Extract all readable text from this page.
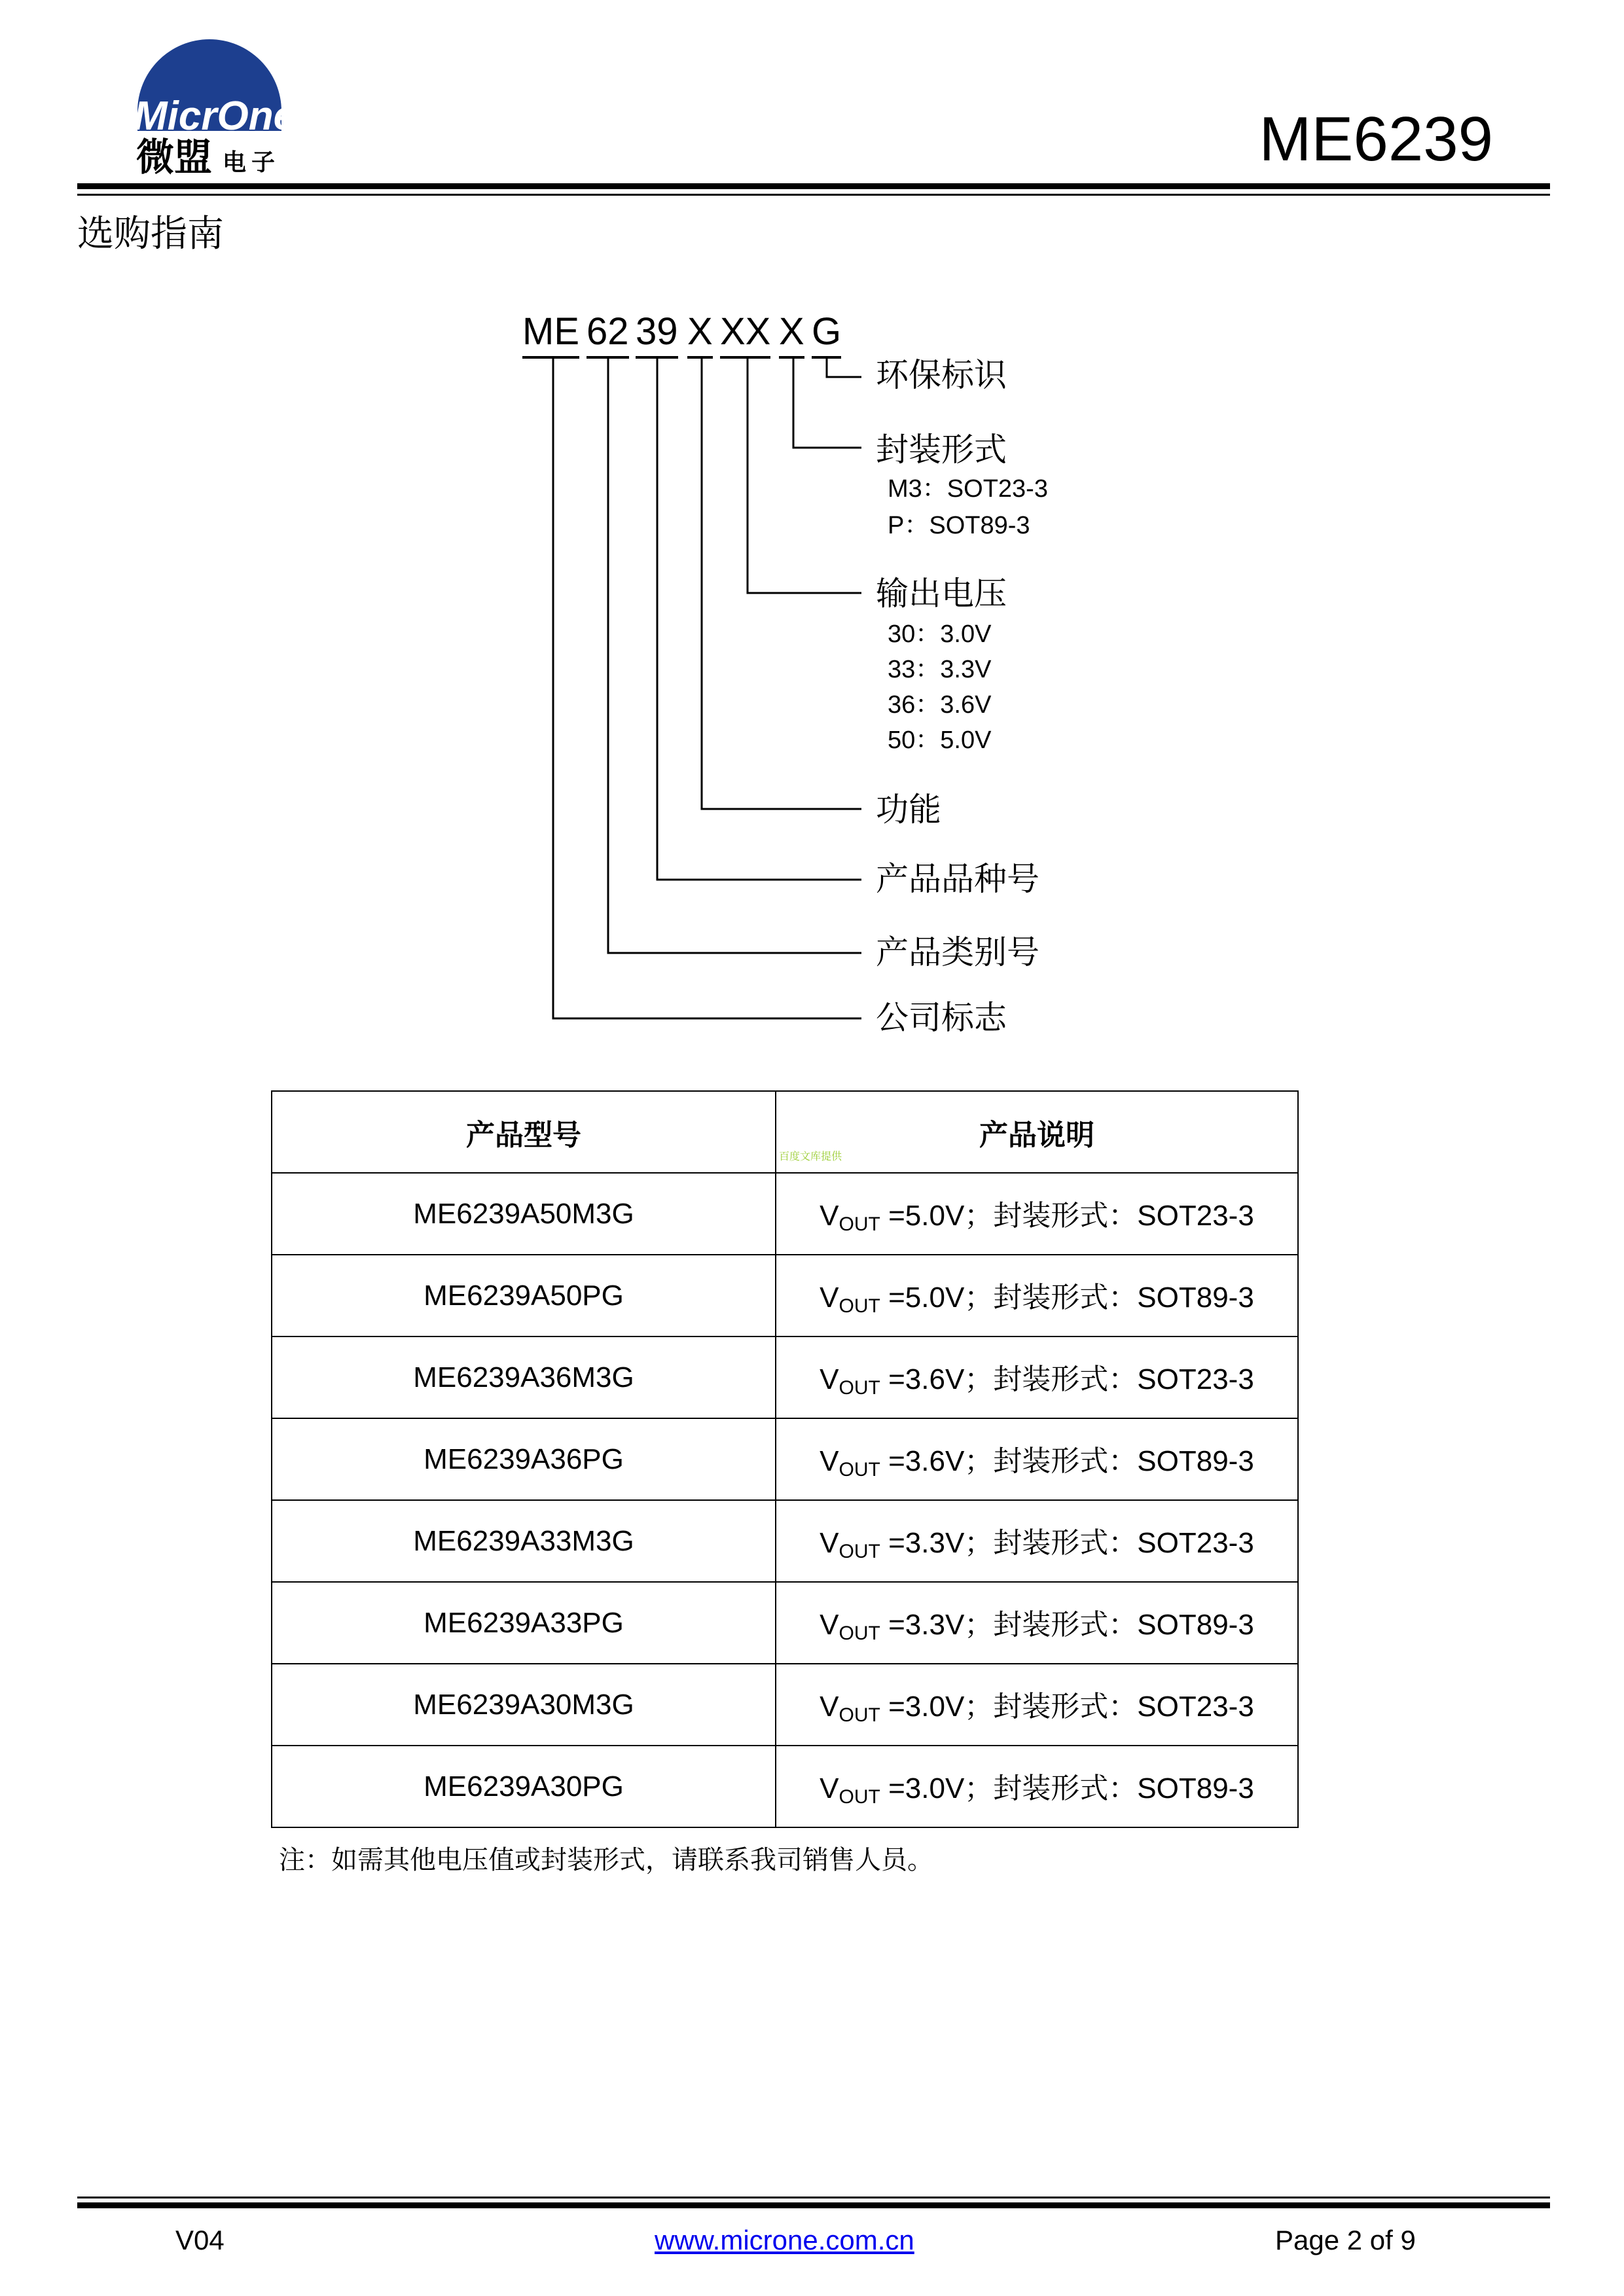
MicrOne
微盟 电子	ME6239
选购指南
ME 62 39 X XX X G
环保标识
封装形式
M3：SOT23-3
P：SOT89-3
输出电压
30：3.0V
33：3.3V
36：3.6V
50：5.0V
功能
产品品种号
产品类别号
公司标志
产品型号	产品说明
ME6239A50M3G	$V_{OUT} =5.0V$；封装形式：SOT23-3
ME6239A50PG	$V_{OUT} =5.0V$；封装形式：SOT89-3
ME6239A36M3G	$V_{OUT} =3.6V$；封装形式：SOT23-3
ME6239A36PG	$V_{OUT} =3.6V$；封装形式：SOT89-3
ME6239A33M3G	$V_{OUT} =3.3V$；封装形式：SOT23-3
ME6239A33PG	$V_{OUT} =3.3V$；封装形式：SOT89-3
ME6239A30M3G	$V_{OUT} =3.0V$；封装形式：SOT23-3
ME6239A30PG	$V_{OUT} =3.0V$；封装形式：SOT89-3
百度文库提供
注：如需其他电压值或封装形式，请联系我司销售人员。
V04	www.microne.com.cn	Page 2 of 9
